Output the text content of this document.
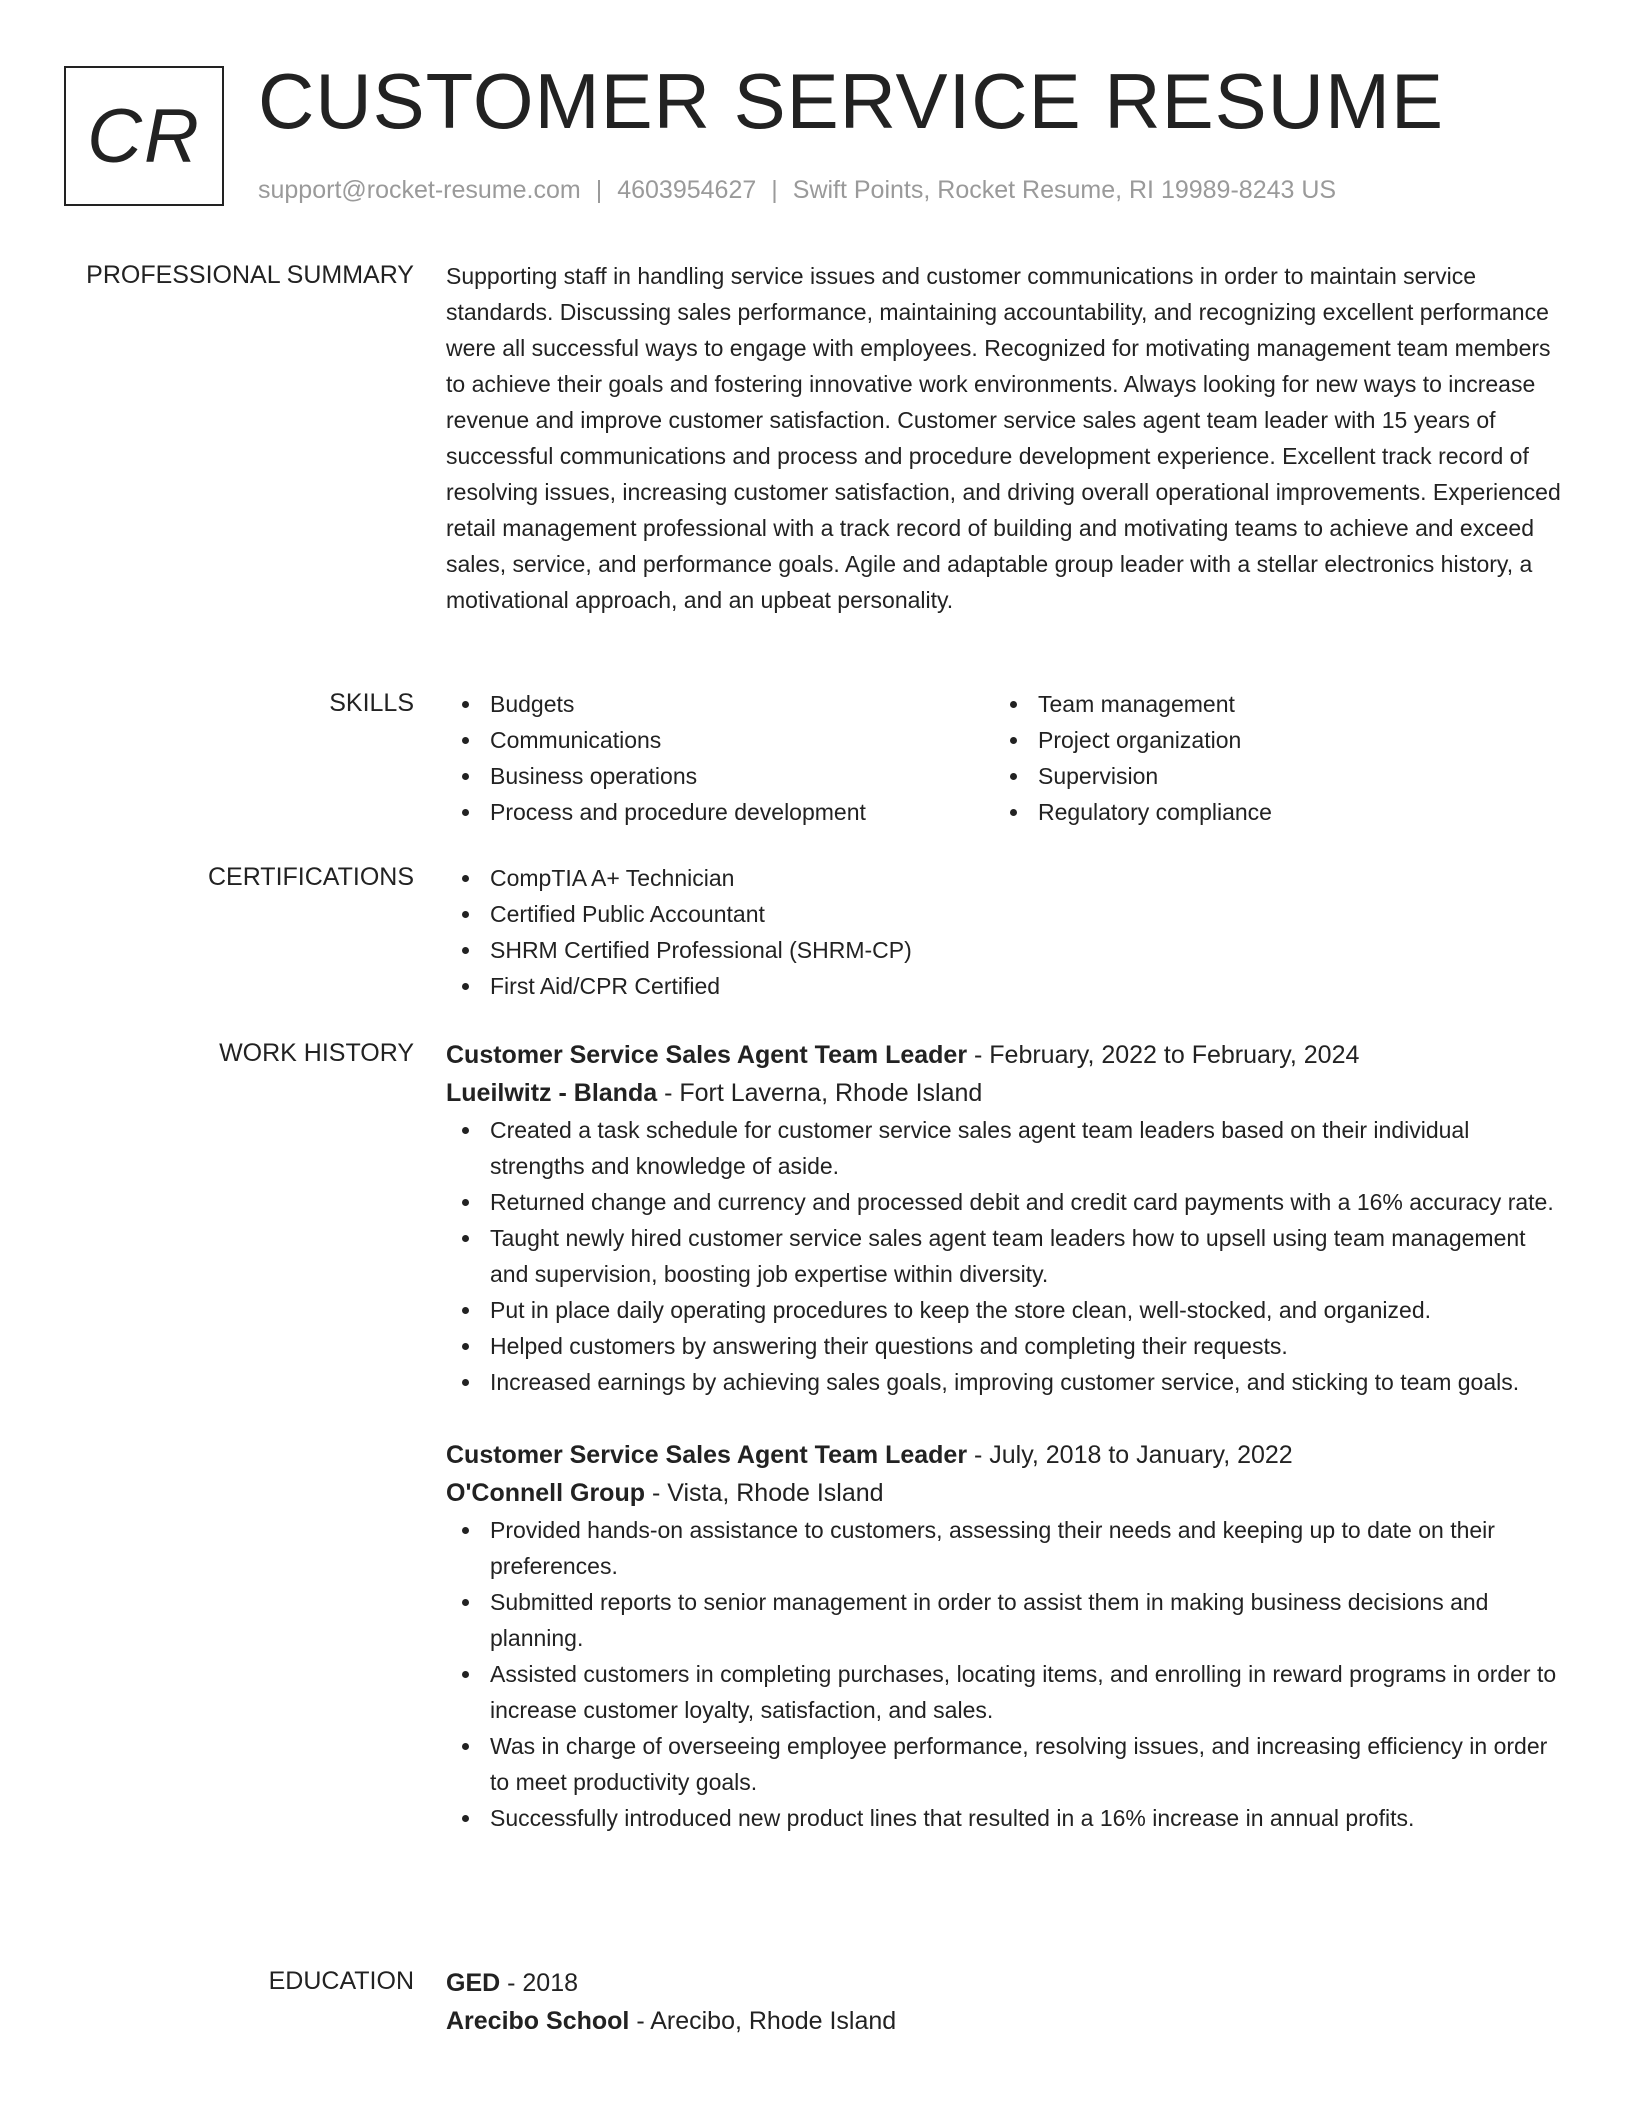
CR CUSTOMER SERVICE RESUME
support@rocket-resume.com | 4603954627 | Swift Points, Rocket Resume, RI 19989-8243 US
PROFESSIONAL SUMMARY Supporting staff in handling service issues and customer communications in order to maintain service standards. Discussing sales performance, maintaining accountability, and recognizing excellent performance were all successful ways to engage with employees. Recognized for motivating management team members to achieve their goals and fostering innovative work environments. Always looking for new ways to increase revenue and improve customer satisfaction. Customer service sales agent team leader with 15 years of successful communications and process and procedure development experience. Excellent track record of resolving issues, increasing customer satisfaction, and driving overall operational improvements. Experienced retail management professional with a track record of building and motivating teams to achieve and exceed sales, service, and performance goals. Agile and adaptable group leader with a stellar electronics history, a motivational approach, and an upbeat personality.

SKILLS	Budgets
Communications
Business operations
Process and procedure development
Team management
Project organization
Supervision
Regulatory compliance
CERTIFICATIONS	CompTIA A+ Technician
Certified Public Accountant
SHRM Certified Professional (SHRM-CP)
First Aid/CPR Certified
WORK HISTORY Customer Service Sales Agent Team Leader - February, 2022 to February, 2024
Lueilwitz - Blanda - Fort Laverna, Rhode Island
Created a task schedule for customer service sales agent team leaders based on their individual strengths and knowledge of aside.
Returned change and currency and processed debit and credit card payments with a 16% accuracy rate.
Taught newly hired customer service sales agent team leaders how to upsell using team management and supervision, boosting job expertise within diversity.
Put in place daily operating procedures to keep the store clean, well-stocked, and organized.
Helped customers by answering their questions and completing their requests.
Increased earnings by achieving sales goals, improving customer service, and sticking to team goals.
Customer Service Sales Agent Team Leader - July, 2018 to January, 2022
O'Connell Group - Vista, Rhode Island
Provided hands-on assistance to customers, assessing their needs and keeping up to date on their preferences.
Submitted reports to senior management in order to assist them in making business decisions and planning.
Assisted customers in completing purchases, locating items, and enrolling in reward programs in order to increase customer loyalty, satisfaction, and sales.
Was in charge of overseeing employee performance, resolving issues, and increasing efficiency in order to meet productivity goals.
Successfully introduced new product lines that resulted in a 16% increase in annual profits.
EDUCATION GED - 2018
Arecibo School - Arecibo, Rhode Island
